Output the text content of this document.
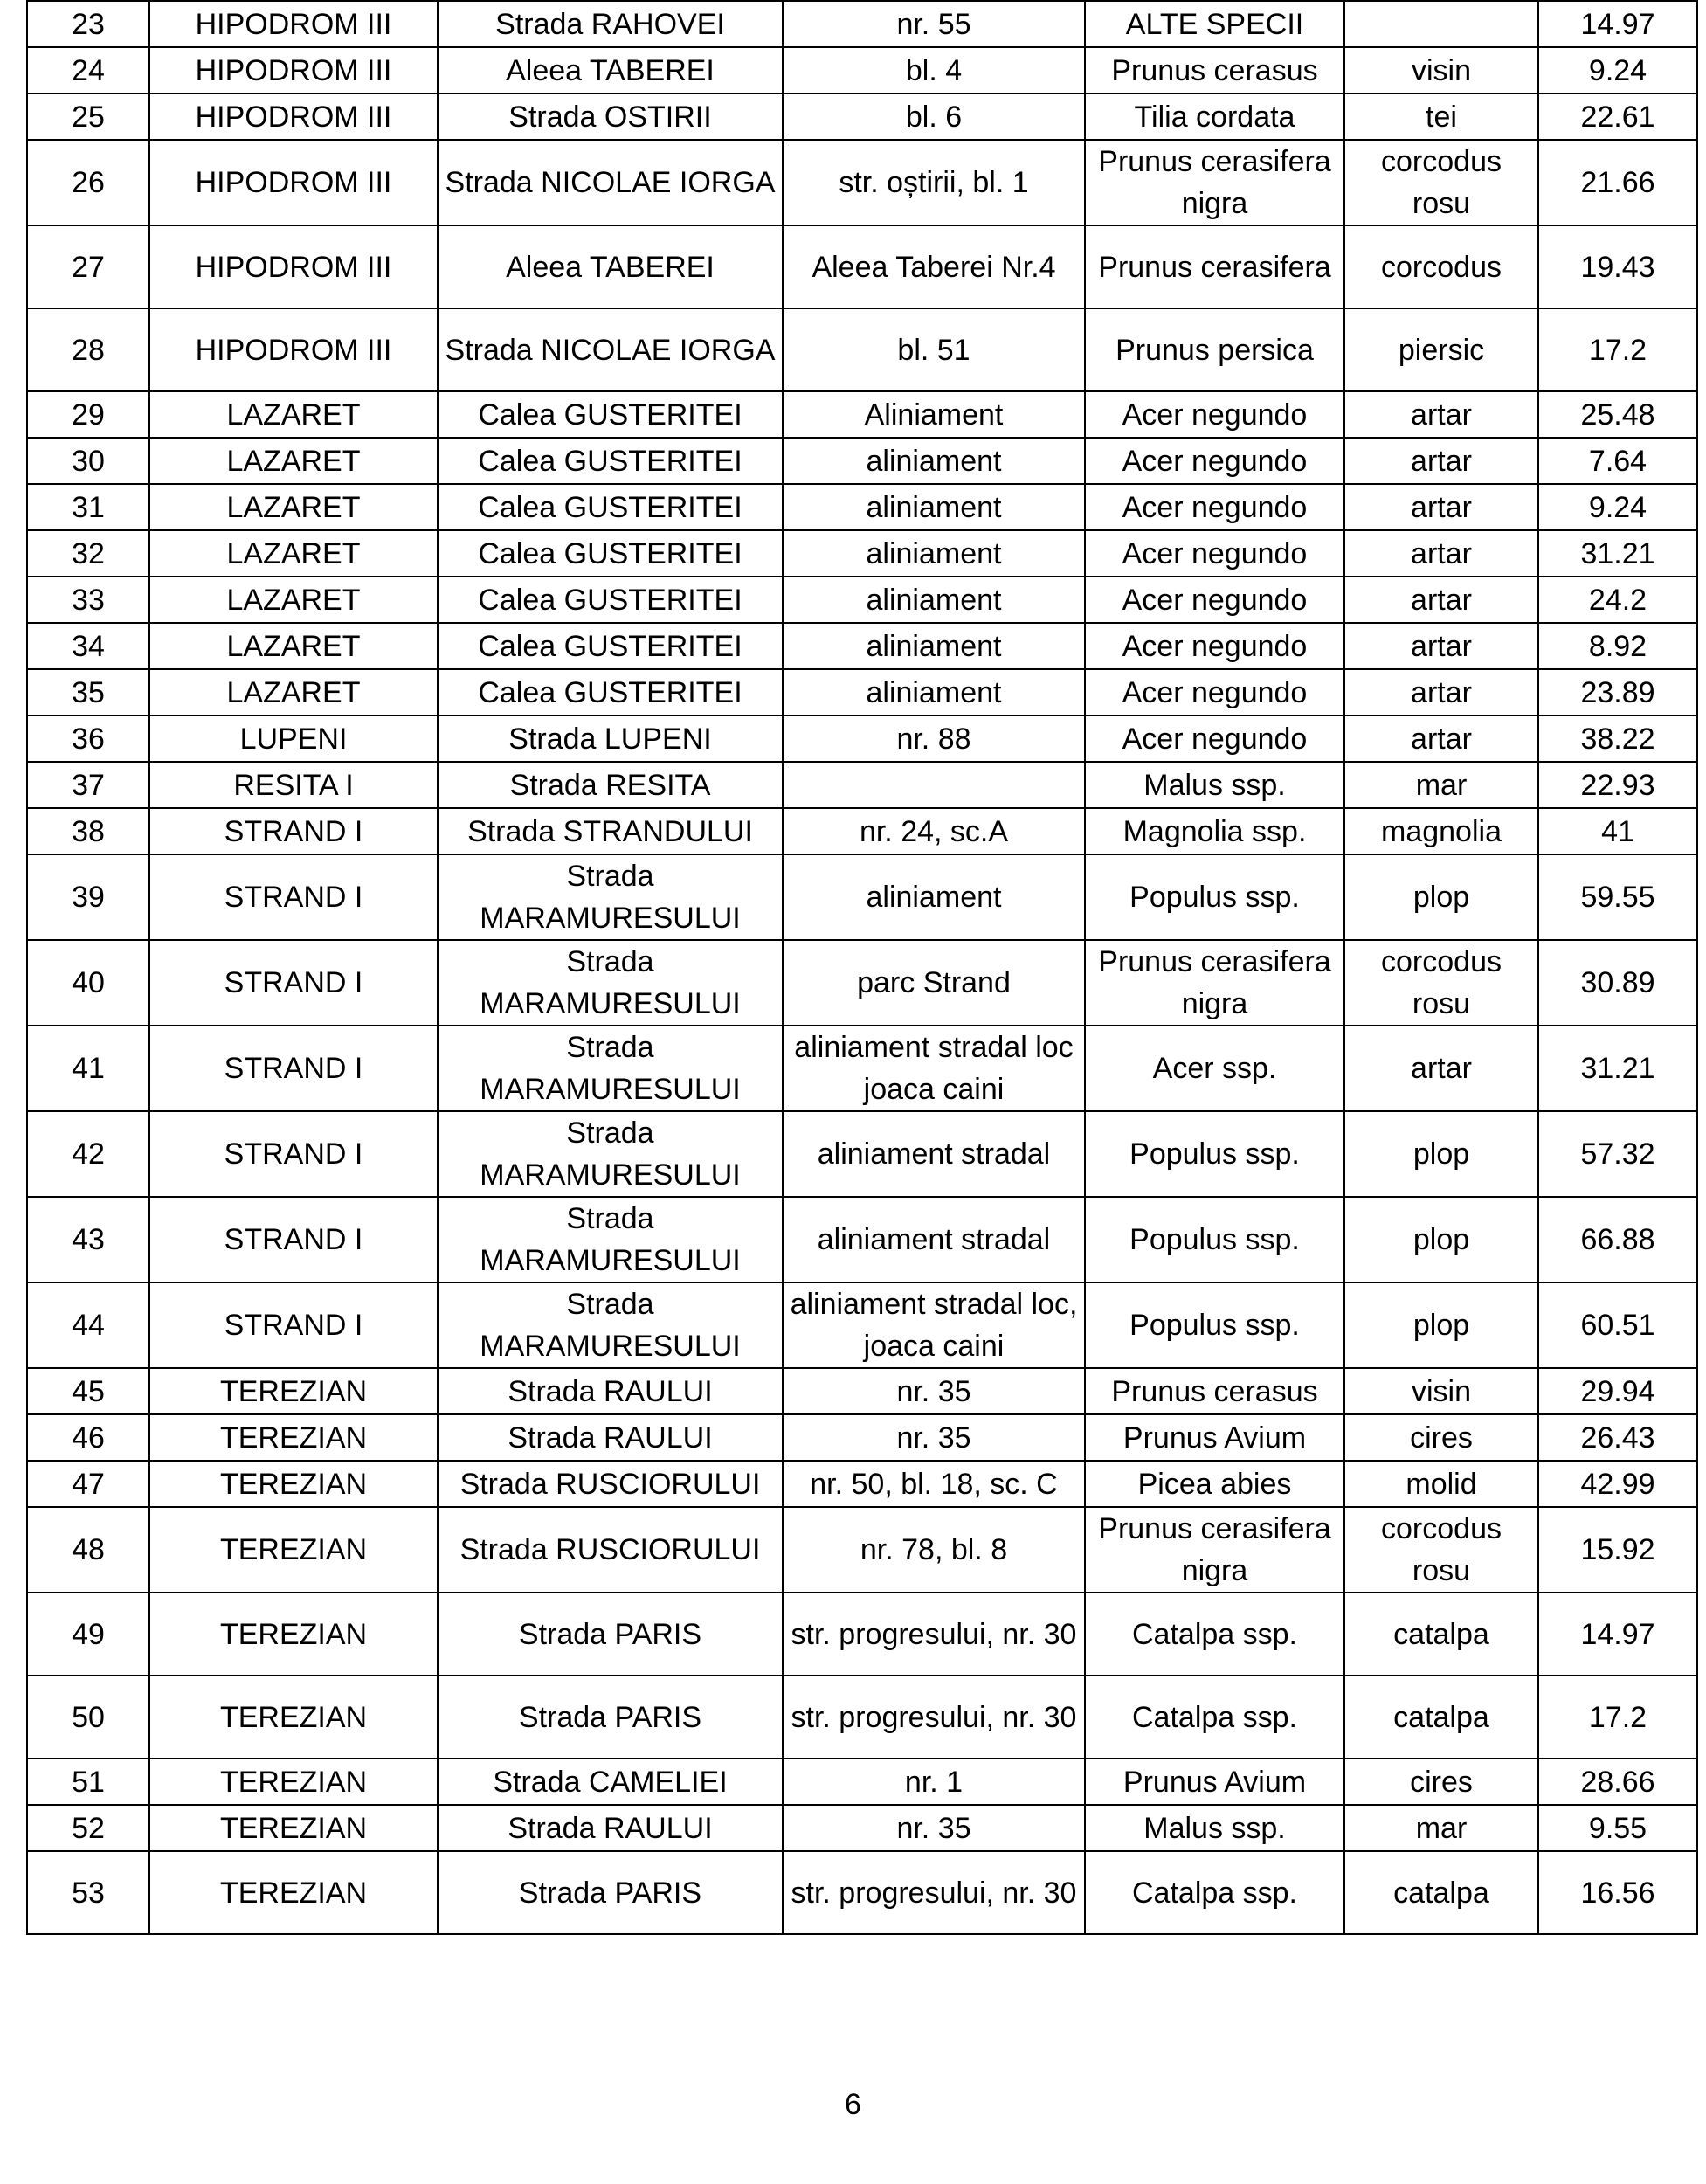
23	HIPODROM III	Strada RAHOVEI	nr. 55	ALTE SPECII		14.97
24	HIPODROM III	Aleea TABEREI	bl. 4	Prunus cerasus	visin	9.24
25	HIPODROM III	Strada OSTIRII	bl. 6	Tilia cordata	tei	22.61
26	HIPODROM III	Strada NICOLAE IORGA	str. oștirii, bl. 1	Prunus cerasifera nigra	corcodus rosu	21.66
27	HIPODROM III	Aleea TABEREI	Aleea Taberei Nr.4	Prunus cerasifera	corcodus	19.43
28	HIPODROM III	Strada NICOLAE IORGA	bl. 51	Prunus persica	piersic	17.2
29	LAZARET	Calea GUSTERITEI	Aliniament	Acer negundo	artar	25.48
30	LAZARET	Calea GUSTERITEI	aliniament	Acer negundo	artar	7.64
31	LAZARET	Calea GUSTERITEI	aliniament	Acer negundo	artar	9.24
32	LAZARET	Calea GUSTERITEI	aliniament	Acer negundo	artar	31.21
33	LAZARET	Calea GUSTERITEI	aliniament	Acer negundo	artar	24.2
34	LAZARET	Calea GUSTERITEI	aliniament	Acer negundo	artar	8.92
35	LAZARET	Calea GUSTERITEI	aliniament	Acer negundo	artar	23.89
36	LUPENI	Strada LUPENI	nr. 88	Acer negundo	artar	38.22
37	RESITA I	Strada RESITA		Malus ssp.	mar	22.93
38	STRAND I	Strada STRANDULUI	nr. 24, sc.A	Magnolia ssp.	magnolia	41
39	STRAND I	Strada MARAMURESULUI	aliniament	Populus ssp.	plop	59.55
40	STRAND I	Strada MARAMURESULUI	parc Strand	Prunus cerasifera nigra	corcodus rosu	30.89
41	STRAND I	Strada MARAMURESULUI	aliniament stradal loc joaca caini	Acer ssp.	artar	31.21
42	STRAND I	Strada MARAMURESULUI	aliniament stradal	Populus ssp.	plop	57.32
43	STRAND I	Strada MARAMURESULUI	aliniament stradal	Populus ssp.	plop	66.88
44	STRAND I	Strada MARAMURESULUI	aliniament stradal loc, joaca caini	Populus ssp.	plop	60.51
45	TEREZIAN	Strada RAULUI	nr. 35	Prunus cerasus	visin	29.94
46	TEREZIAN	Strada RAULUI	nr. 35	Prunus Avium	cires	26.43
47	TEREZIAN	Strada RUSCIORULUI	nr. 50, bl. 18, sc. C	Picea abies	molid	42.99
48	TEREZIAN	Strada RUSCIORULUI	nr. 78, bl. 8	Prunus cerasifera nigra	corcodus rosu	15.92
49	TEREZIAN	Strada PARIS	str. progresului, nr. 30	Catalpa ssp.	catalpa	14.97
50	TEREZIAN	Strada PARIS	str. progresului, nr. 30	Catalpa ssp.	catalpa	17.2
51	TEREZIAN	Strada CAMELIEI	nr. 1	Prunus Avium	cires	28.66
52	TEREZIAN	Strada RAULUI	nr. 35	Malus ssp.	mar	9.55
53	TEREZIAN	Strada PARIS	str. progresului, nr. 30	Catalpa ssp.	catalpa	16.56
6
